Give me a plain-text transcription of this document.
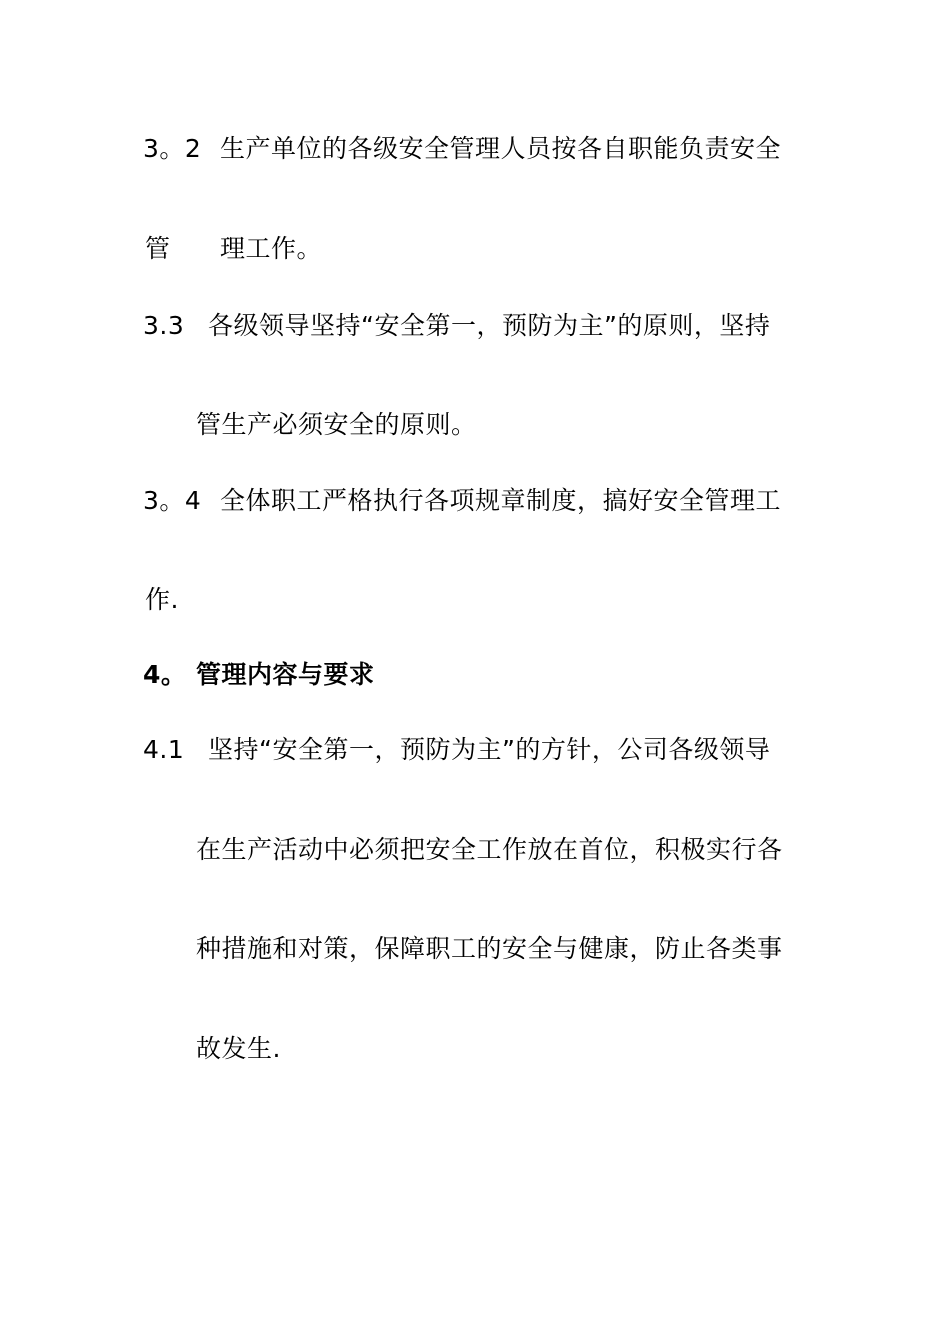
3。2 生产单位的各级安全管理人员按各自职能负责安全
管 理工作。
3.3 各级领导坚持“安全第一，预防为主”的原则，坚持
管生产必须安全的原则。
3。4 全体职工严格执行各项规章制度，搞好安全管理工
作.
4。 管理内容与要求
4.1 坚持“安全第一，预防为主”的方针，公司各级领导
在生产活动中必须把安全工作放在首位，积极实行各
种措施和对策，保障职工的安全与健康，防止各类事
故发生.
